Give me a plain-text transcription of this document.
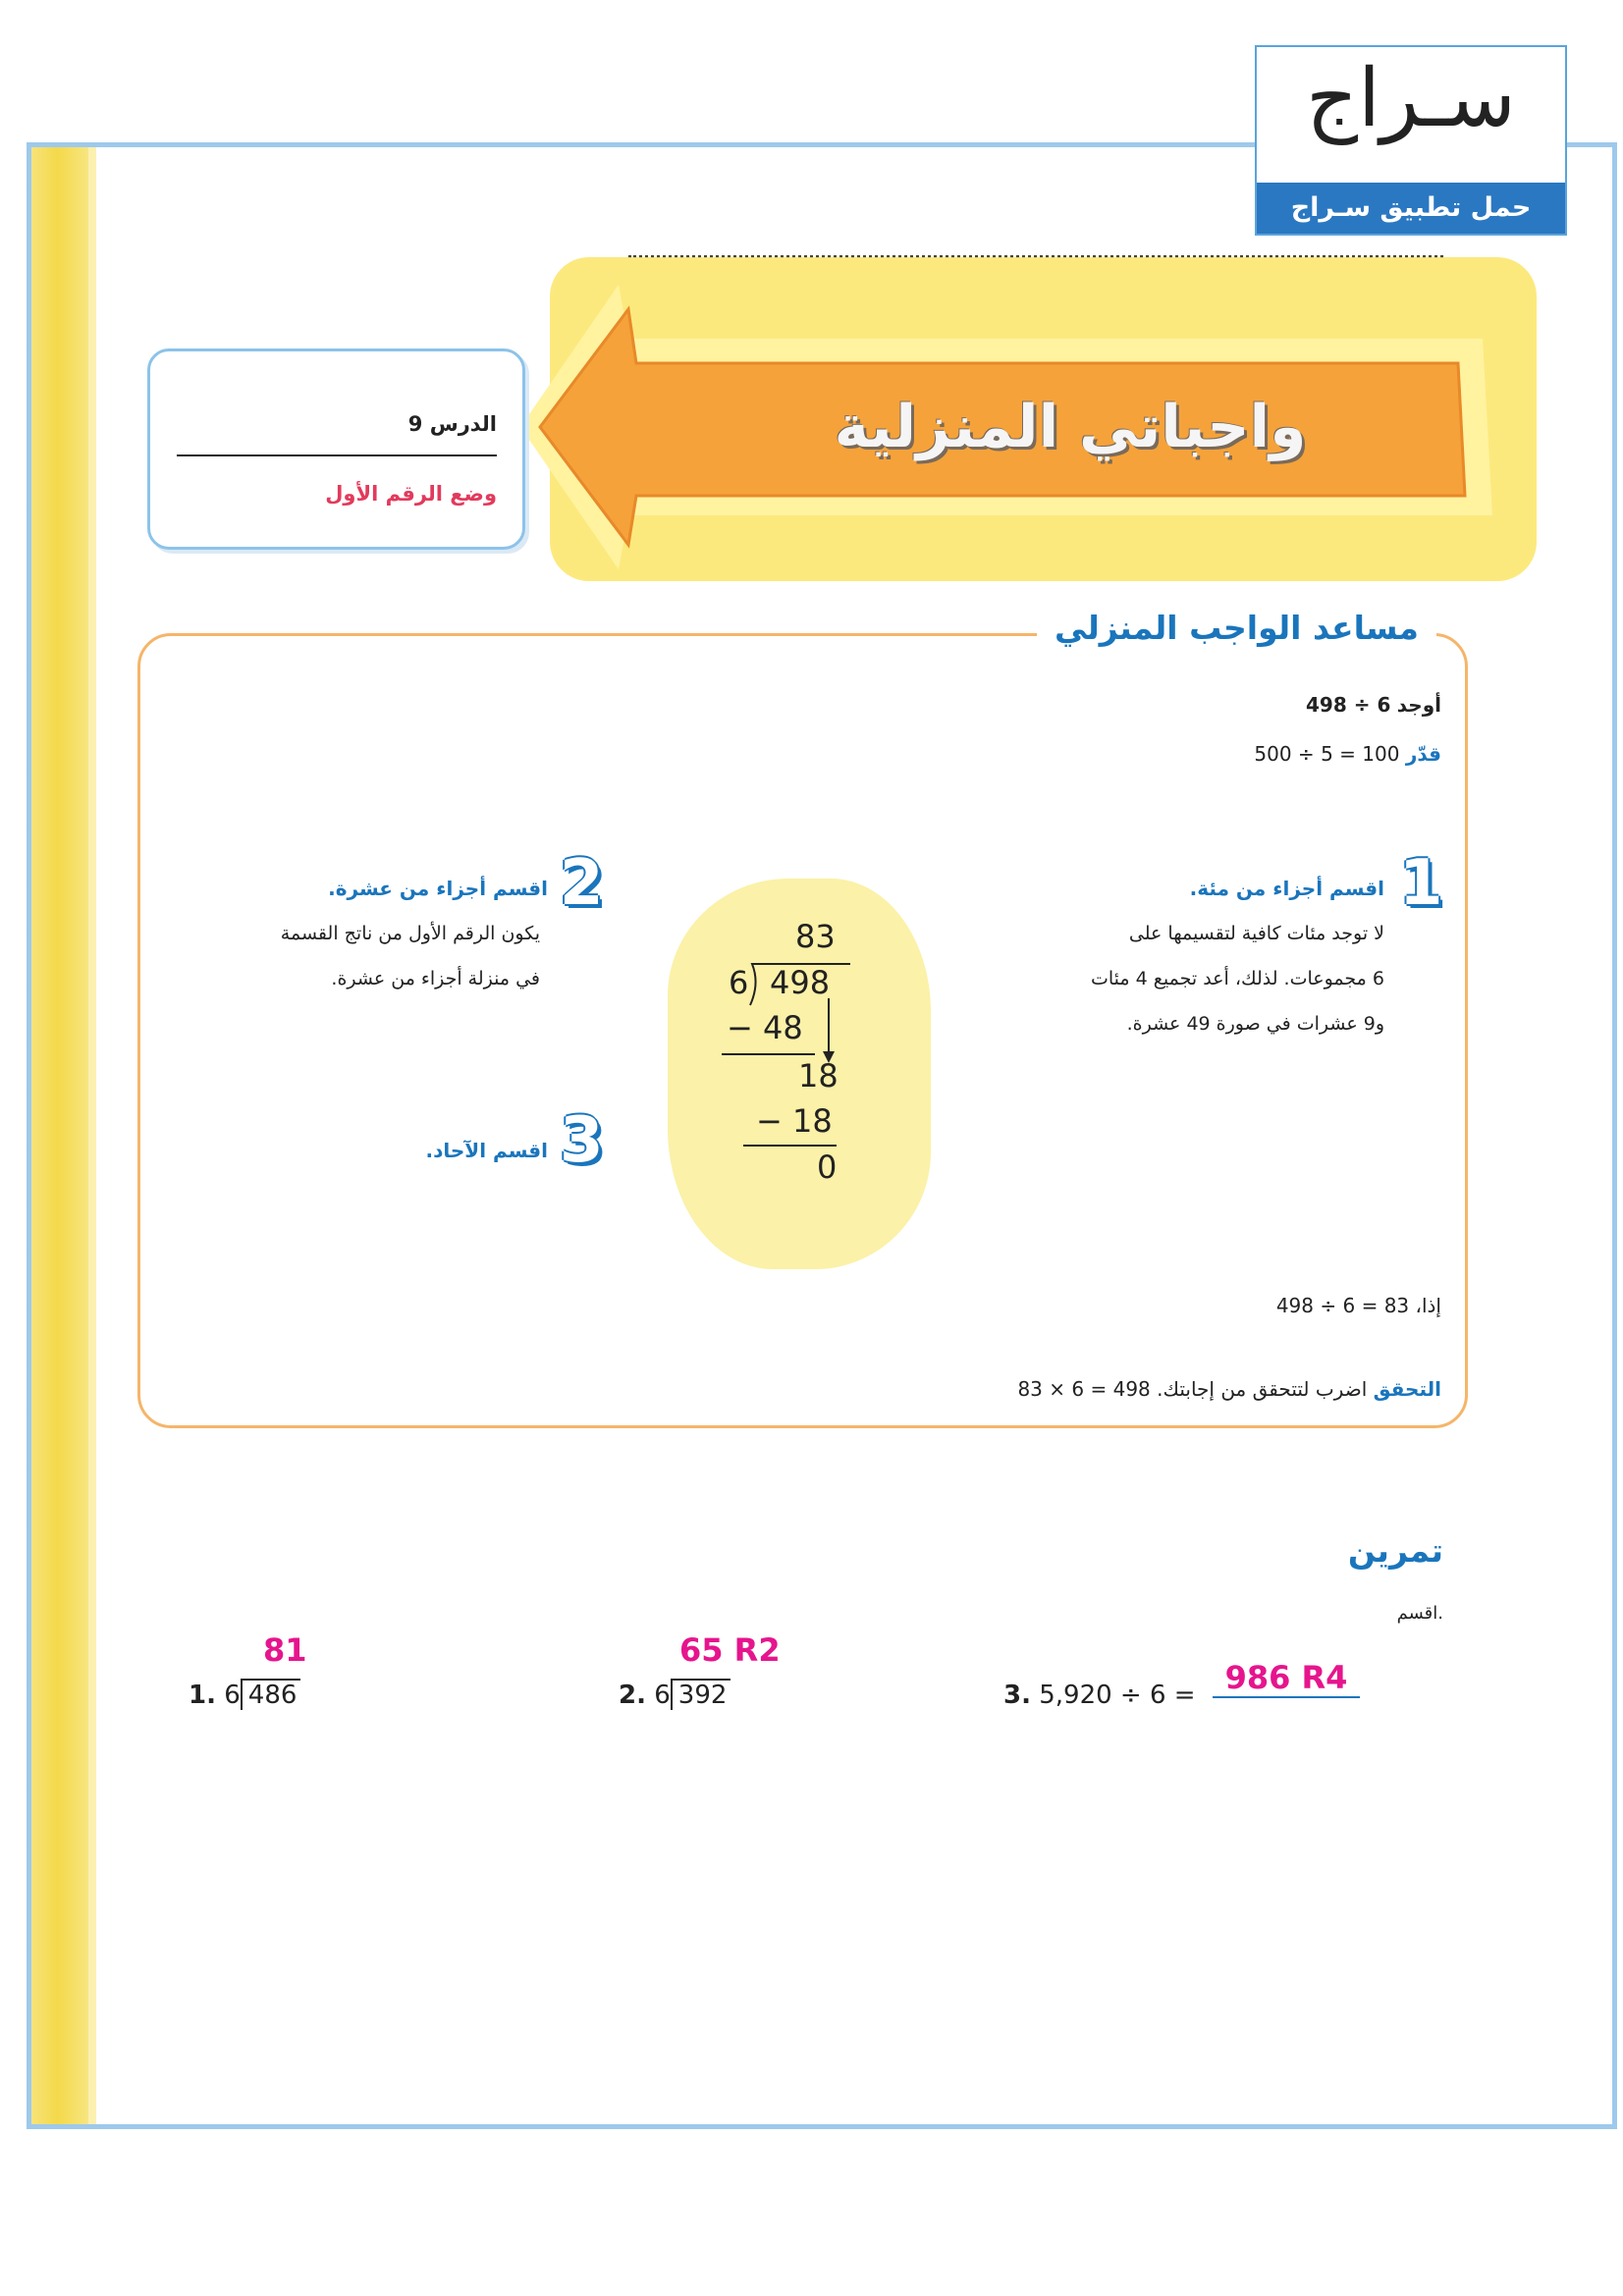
سـراج
حمل تطبيق سـراج
واجباتي المنزلية
الدرس 9
وضع الرقم الأول
مساعد الواجب المنزلي
أوجد 6 ÷ 498
قدّر 100 = 5 ÷ 500
1
اقسم أجزاء من مئة.
لا توجد مئات كافية لتقسيمها على
6 مجموعات. لذلك، أعد تجميع 4 مئات
و9 عشرات في صورة 49 عشرة.
2
اقسم أجزاء من عشرة.
يكون الرقم الأول من ناتج القسمة
في منزلة أجزاء من عشرة.
3
اقسم الآحاد.
83
6 498
− 48
18
− 18
0
إذا، 83 = 6 ÷ 498
التحقق اضرب لتتحقق من إجابتك. 498 = 6 × 83
تمرين
اقسم.
81
1. 6 486
65 R2
2. 6 392	3. 5,920 ÷ 6 = 986 R4
